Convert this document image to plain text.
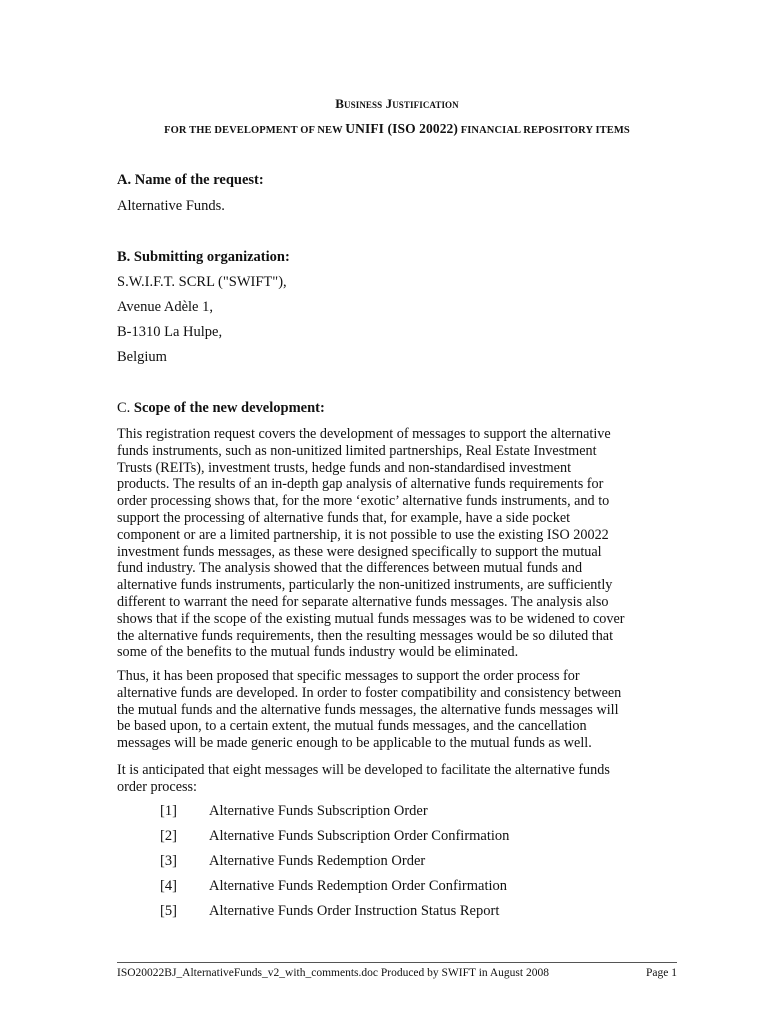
Business Justification
FOR THE DEVELOPMENT OF NEW UNIFI (ISO 20022) FINANCIAL REPOSITORY ITEMS
A. Name of the request:
Alternative Funds.
B. Submitting organization:
S.W.I.F.T. SCRL ("SWIFT"),
Avenue Adèle 1,
B-1310 La Hulpe,
Belgium
C. Scope of the new development:
This registration request covers the development of messages to support the alternative
funds instruments, such as non-unitized limited partnerships, Real Estate Investment
Trusts (REITs), investment trusts, hedge funds and non-standardised investment
products. The results of an in-depth gap analysis of alternative funds requirements for
order processing shows that, for the more ‘exotic’ alternative funds instruments, and to
support the processing of alternative funds that, for example, have a side pocket
component or are a limited partnership, it is not possible to use the existing ISO 20022
investment funds messages, as these were designed specifically to support the mutual
fund industry. The analysis showed that the differences between mutual funds and
alternative funds instruments, particularly the non-unitized instruments, are sufficiently
different to warrant the need for separate alternative funds messages. The analysis also
shows that if the scope of the existing mutual funds messages was to be widened to cover
the alternative funds requirements, then the resulting messages would be so diluted that
some of the benefits to the mutual funds industry would be eliminated.
Thus, it has been proposed that specific messages to support the order process for
alternative funds are developed. In order to foster compatibility and consistency between
the mutual funds and the alternative funds messages, the alternative funds messages will
be based upon, to a certain extent, the mutual funds messages, and the cancellation
messages will be made generic enough to be applicable to the mutual funds as well.
It is anticipated that eight messages will be developed to facilitate the alternative funds
order process:
[1] Alternative Funds Subscription Order
[2] Alternative Funds Subscription Order Confirmation
[3] Alternative Funds Redemption Order
[4] Alternative Funds Redemption Order Confirmation
[5] Alternative Funds Order Instruction Status Report
ISO20022BJ_AlternativeFunds_v2_with_comments.doc Produced by SWIFT in August 2008	Page 1
